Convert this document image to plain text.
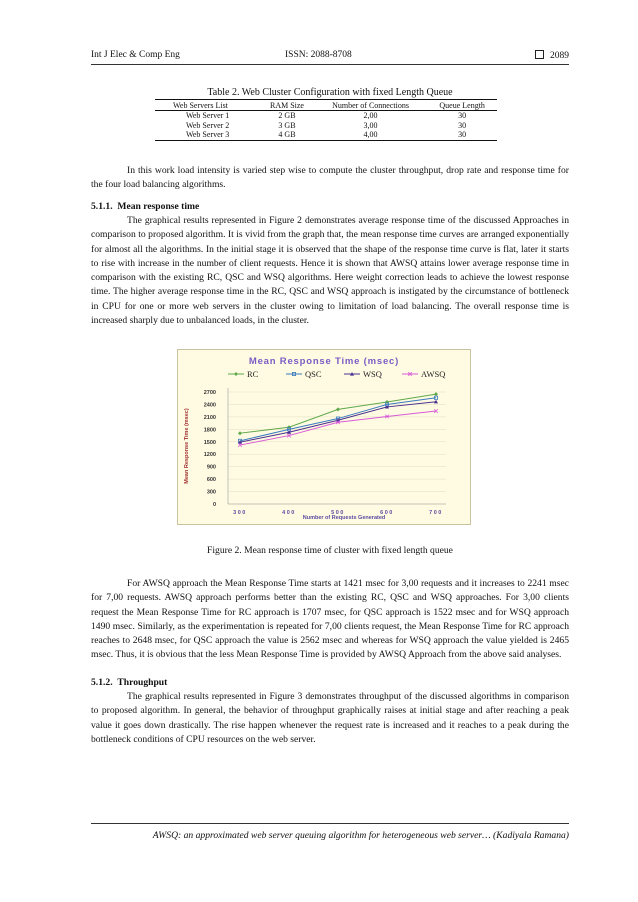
Int J Elec & Comp Eng	ISSN: 2088-8708	2089
Table 2. Web Cluster Configuration with fixed Length Queue
Web Servers List	RAM Size	Number of Connections	Queue Length
Web Server 1	2 GB	2,00	30
Web Server 2	3 GB	3,00	30
Web Server 3	4 GB	4,00	30

In this work load intensity is varied step wise to compute the cluster throughput, drop rate and response time for the four load balancing algorithms.

5.1.1. Mean response time

The graphical results represented in Figure 2 demonstrates average response time of the discussed Approaches in comparison to proposed algorithm. It is vivid from the graph that, the mean response time curves are arranged exponentially for almost all the algorithms. In the initial stage it is observed that the shape of the response time curve is flat, later it starts to rise with increase in the number of client requests. Hence it is shown that AWSQ attains lower average response time in comparison with the existing RC, QSC and WSQ algorithms. Here weight correction leads to achieve the lowest response time. The higher average response time in the RC, QSC and WSQ approach is instigated by the circumstance of bottleneck in CPU for one or more web servers in the cluster owing to limitation of load balancing. The overall response time is increased sharply due to unbalanced loads, in the cluster.

Mean Response Time (msec)
RC	QSC	WSQ	AWSQ
0
300
600
900
1200
1500
1800
2100
2400
2700
300	400	500	600	700
Number of Requests Generated
Mean Response Time (msec)
Figure 2. Mean response time of cluster with fixed length queue

For AWSQ approach the Mean Response Time starts at 1421 msec for 3,00 requests and it increases to 2241 msec for 7,00 requests. AWSQ approach performs better than the existing RC, QSC and WSQ approaches. For 3,00 clients request the Mean Response Time for RC approach is 1707 msec, for QSC approach is 1522 msec and for WSQ approach 1490 msec. Similarly, as the experimentation is repeated for 7,00 clients request, the Mean Response Time for RC approach reaches to 2648 msec, for QSC approach the value is 2562 msec and whereas for WSQ approach the value yielded is 2465 msec. Thus, it is obvious that the less Mean Response Time is provided by AWSQ Approach from the above said analyses.

5.1.2. Throughput

The graphical results represented in Figure 3 demonstrates throughput of the discussed algorithms in comparison to proposed algorithm. In general, the behavior of throughput graphically raises at initial stage and after reaching a peak value it goes down drastically. The rise happen whenever the request rate is increased and it reaches to a peak during the bottleneck conditions of CPU resources on the web server.

AWSQ: an approximated web server queuing algorithm for heterogeneous web server… (Kadiyala Ramana)
